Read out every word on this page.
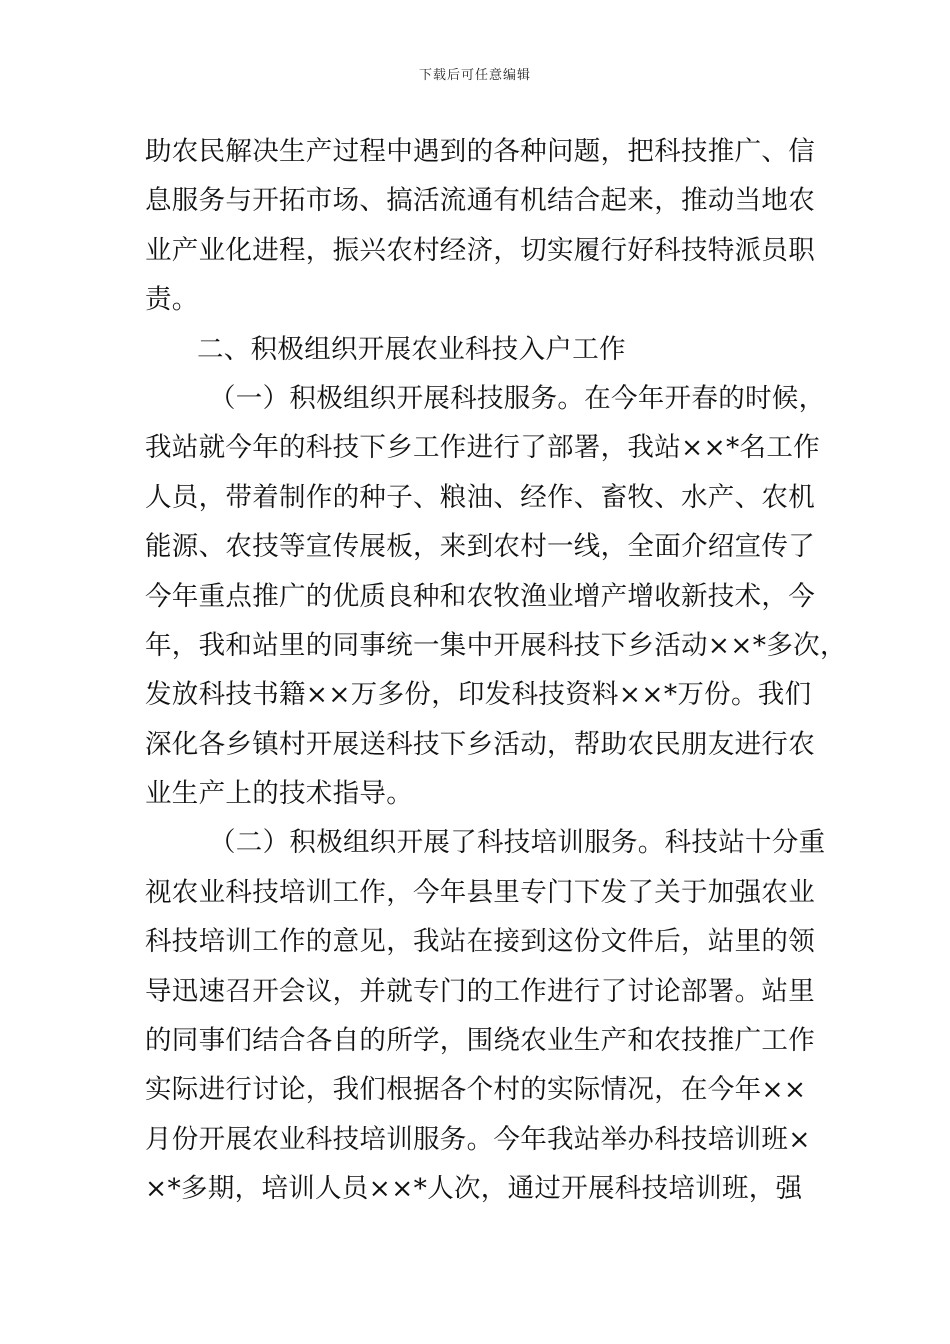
下载后可任意编辑
助农民解决生产过程中遇到的各种问题，把科技推广、信
息服务与开拓市场、搞活流通有机结合起来，推动当地农
业产业化进程，振兴农村经济，切实履行好科技特派员职
责。
二、积极组织开展农业科技入户工作
（一）积极组织开展科技服务。在今年开春的时候，
我站就今年的科技下乡工作进行了部署，我站××*名工作
人员，带着制作的种子、粮油、经作、畜牧、水产、农机
能源、农技等宣传展板，来到农村一线，全面介绍宣传了
今年重点推广的优质良种和农牧渔业增产增收新技术，今
年，我和站里的同事统一集中开展科技下乡活动××*多次，
发放科技书籍××万多份，印发科技资料××*万份。我们
深化各乡镇村开展送科技下乡活动，帮助农民朋友进行农
业生产上的技术指导。
（二）积极组织开展了科技培训服务。科技站十分重
视农业科技培训工作，今年县里专门下发了关于加强农业
科技培训工作的意见，我站在接到这份文件后，站里的领
导迅速召开会议，并就专门的工作进行了讨论部署。站里
的同事们结合各自的所学，围绕农业生产和农技推广工作
实际进行讨论，我们根据各个村的实际情况，在今年××
月份开展农业科技培训服务。今年我站举办科技培训班×
×*多期，培训人员××*人次，通过开展科技培训班，强
